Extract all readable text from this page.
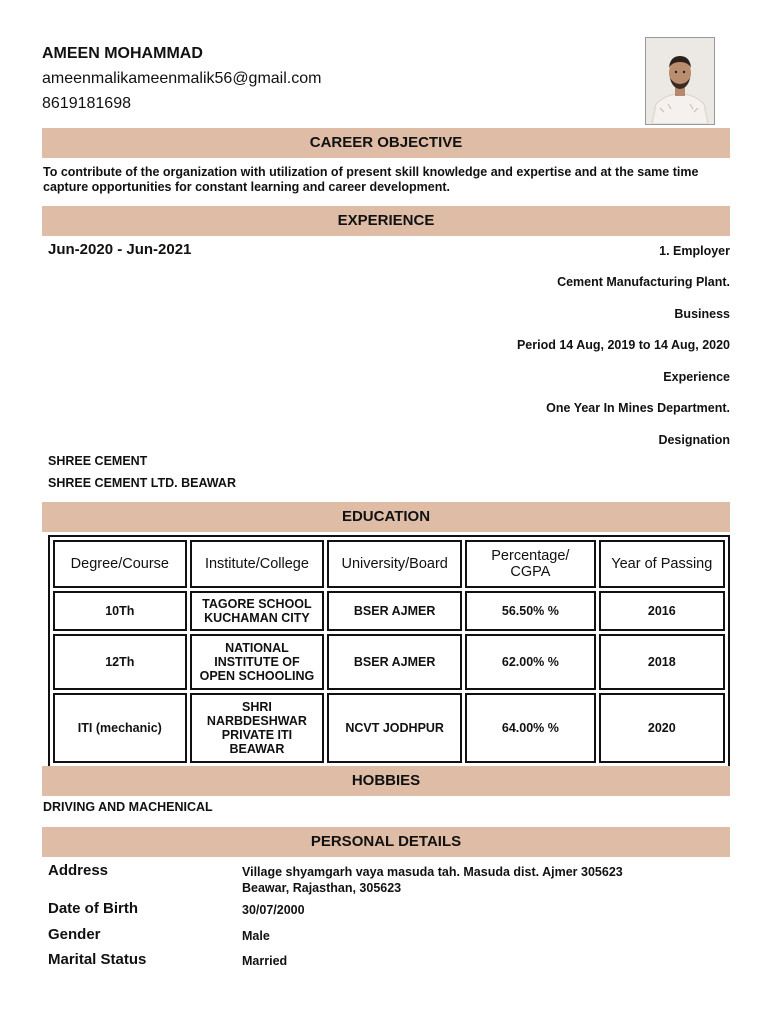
AMEEN MOHAMMAD
ameenmalikameenmalik56@gmail.com
8619181698
CAREER OBJECTIVE
To contribute of the organization with utilization of present skill knowledge and expertise and at the same time capture opportunities for constant learning and career development.
EXPERIENCE
Jun-2020 - Jun-2021	1. Employer
Cement Manufacturing Plant.
Business
Period 14 Aug, 2019 to 14 Aug, 2020
Experience
One Year In Mines Department.
Designation
SHREE CEMENT
SHREE CEMENT LTD. BEAWAR
EDUCATION
Degree/Course	Institute/College	University/Board	Percentage/ CGPA	Year of Passing
10Th	TAGORE SCHOOL KUCHAMAN CITY	BSER AJMER	56.50% %	2016
12Th	NATIONAL INSTITUTE OF OPEN SCHOOLING	BSER AJMER	62.00% %	2018
ITI (mechanic)	SHRI NARBDESHWAR PRIVATE ITI BEAWAR	NCVT JODHPUR	64.00% %	2020
HOBBIES
DRIVING AND MACHENICAL
PERSONAL DETAILS
Address	Village shyamgarh vaya masuda tah. Masuda dist. Ajmer 305623
Beawar, Rajasthan, 305623
Date of Birth	30/07/2000
Gender	Male
Marital Status	Married
